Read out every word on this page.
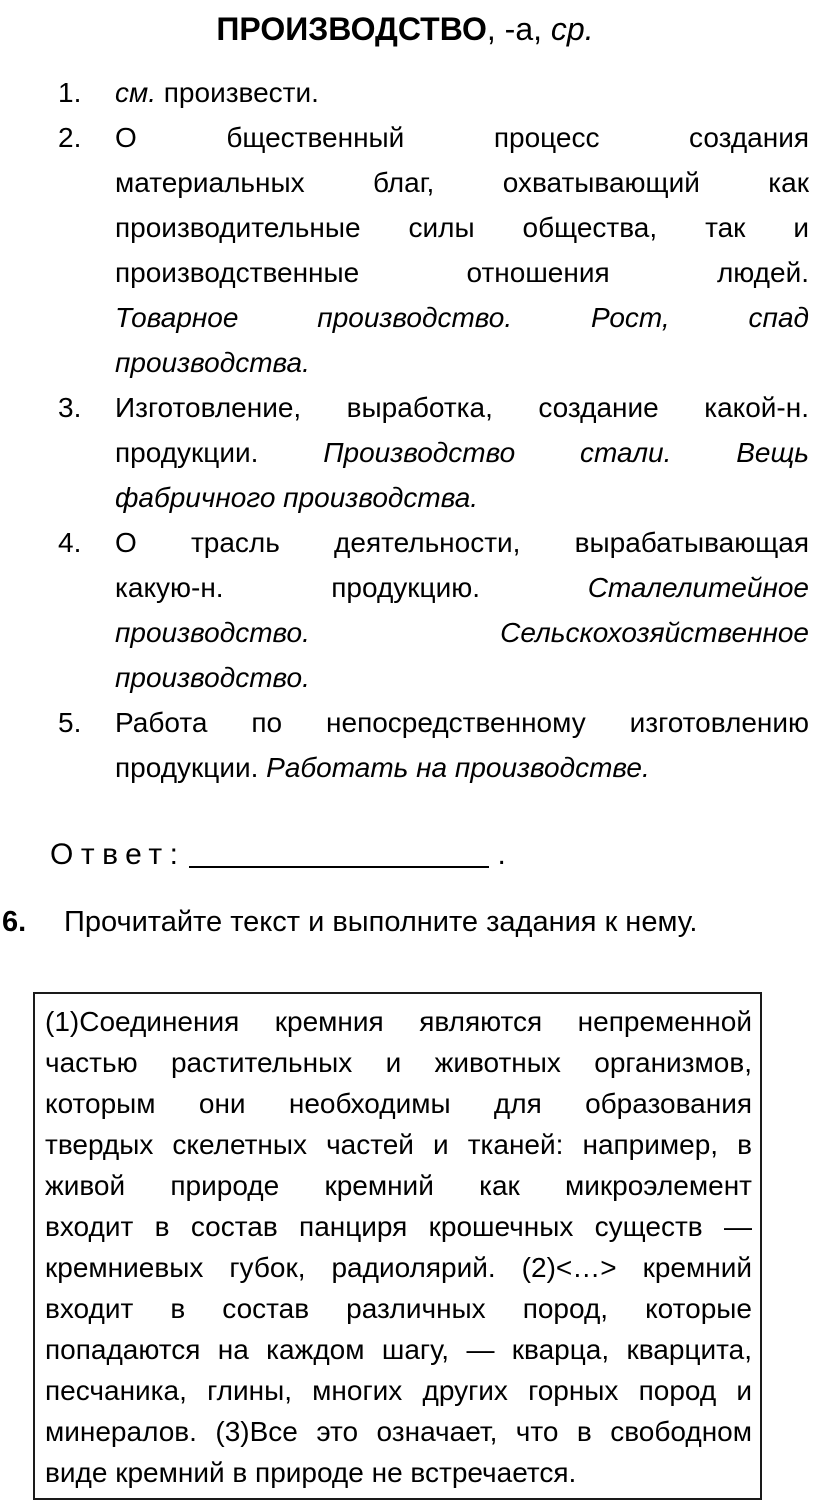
ПРОИЗВОДСТВО, -а, ср.
1.	см. произвести.
2.	О бщественный процесс создания
материальных благ, охватывающий как
производительные силы общества, так и
производственные отношения людей.
Товарное производство. Рост, спад
производства.
3.	Изготовление, выработка, создание какой-н.
продукции. Производство стали. Вещь
фабричного производства.
4.	О трасль деятельности, вырабатывающая
какую-н. продукцию.	Сталелитейное
производство. Сельскохозяйственное
производство.
5.	Работа по непосредственному изготовлению
продукции. Работать на производстве.
Ответ:	.
6.	Прочитайте текст и выполните задания к нему.
(1)Соединения кремния являются непременной
частью растительных и животных организмов,
которым они необходимы для образования
твердых скелетных частей и тканей: например, в
живой природе кремний как микроэлемент
входит в состав панциря крошечных существ —
кремниевых губок, радиолярий. (2)<…> кремний
входит в состав различных пород, которые
попадаются на каждом шагу, — кварца, кварцита,
песчаника, глины, многих других горных пород и
минералов. (3)Все это означает, что в свободном
виде кремний в природе не встречается.
